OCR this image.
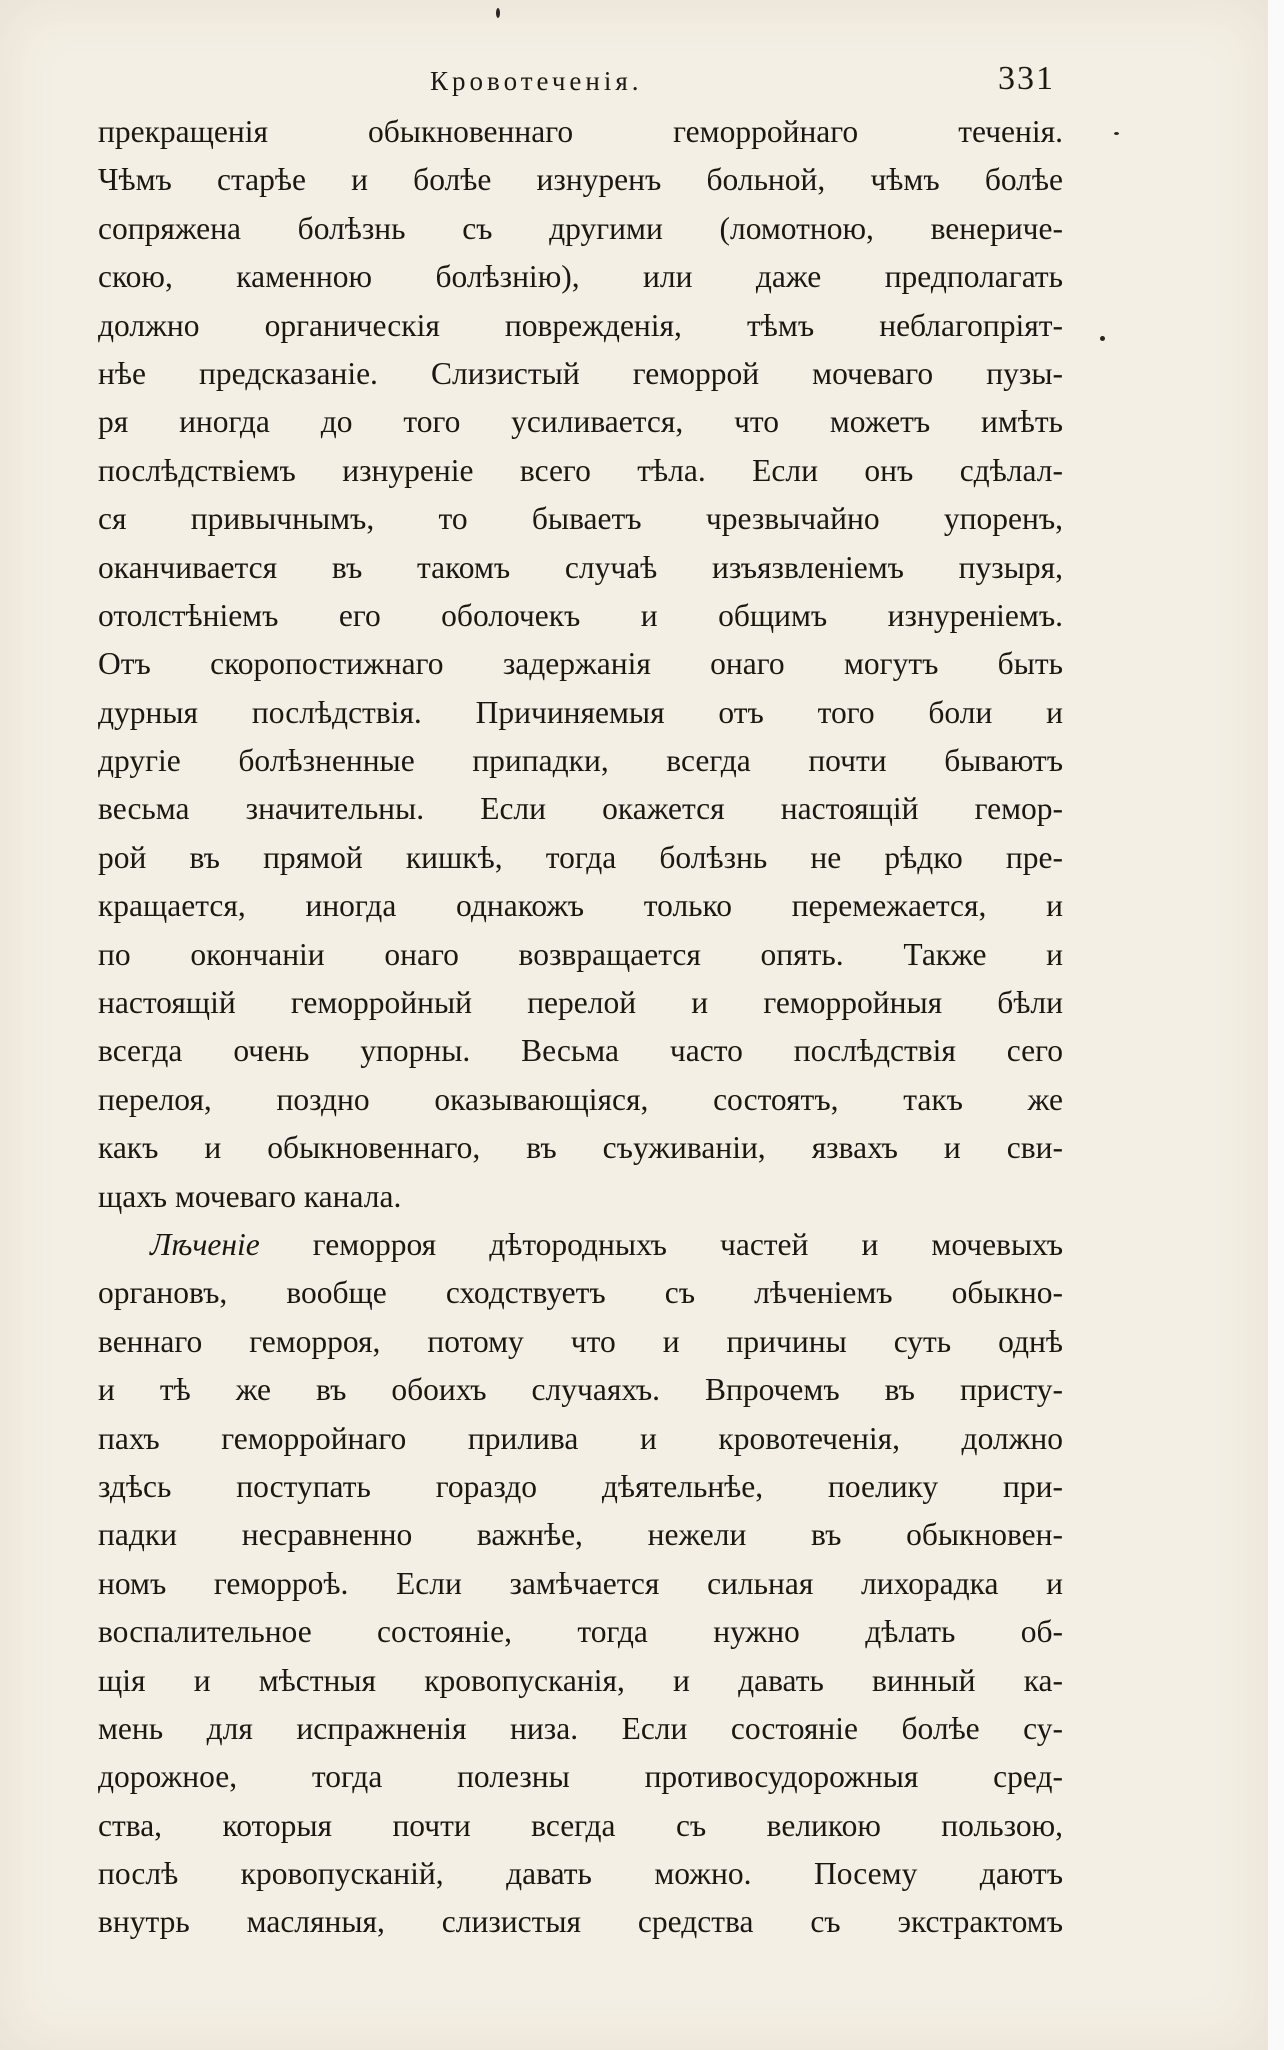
Кровотеченія.	331
прекращенія обыкновеннаго геморройнаго теченія.
Чѣмъ старѣе и болѣе изнуренъ больной, чѣмъ болѣе
сопряжена болѣзнь съ другими (ломотною, венериче-
скою, каменною болѣзнію), или даже предполагать
должно органическія поврежденія, тѣмъ неблагопріят-
нѣе предсказаніе. Слизистый геморрой мочеваго пузы-
ря иногда до того усиливается, что можетъ имѣть
послѣдствіемъ изнуреніе всего тѣла. Если онъ сдѣлал-
ся привычнымъ, то бываетъ чрезвычайно упоренъ,
оканчивается въ такомъ случаѣ изъязвленіемъ пузыря,
отолстѣніемъ его оболочекъ и общимъ изнуреніемъ.
Отъ скоропостижнаго задержанія онаго могутъ быть
дурныя послѣдствія. Причиняемыя отъ того боли и
другіе болѣзненные припадки, всегда почти бываютъ
весьма значительны. Если окажется настоящій гемор-
рой въ прямой кишкѣ, тогда болѣзнь не рѣдко пре-
кращается, иногда однакожъ только перемежается, и
по окончаніи онаго возвращается опять. Также и
настоящій геморройный перелой и геморройныя бѣли
всегда очень упорны. Весьма часто послѣдствія сего
перелоя, поздно оказывающіяся, состоятъ, такъ же
какъ и обыкновеннаго, въ съуживаніи, язвахъ и сви-
щахъ мочеваго канала.
Лѣченіе геморроя дѣтородныхъ частей и мочевыхъ
органовъ, вообще сходствуетъ съ лѣченіемъ обыкно-
веннаго геморроя, потому что и причины суть однѣ
и тѣ же въ обоихъ случаяхъ. Впрочемъ въ присту-
пахъ геморройнаго прилива и кровотеченія, должно
здѣсь поступать гораздо дѣятельнѣе, поелику при-
падки несравненно важнѣе, нежели въ обыкновен-
номъ геморроѣ. Если замѣчается сильная лихорадка и
воспалительное состояніе, тогда нужно дѣлать об-
щія и мѣстныя кровопусканія, и давать винный ка-
мень для испражненія низа. Если состояніе болѣе су-
дорожное, тогда полезны противосудорожныя сред-
ства, которыя почти всегда съ великою пользою,
послѣ кровопусканій, давать можно. Посему даютъ
внутрь масляныя, слизистыя средства съ экстрактомъ
